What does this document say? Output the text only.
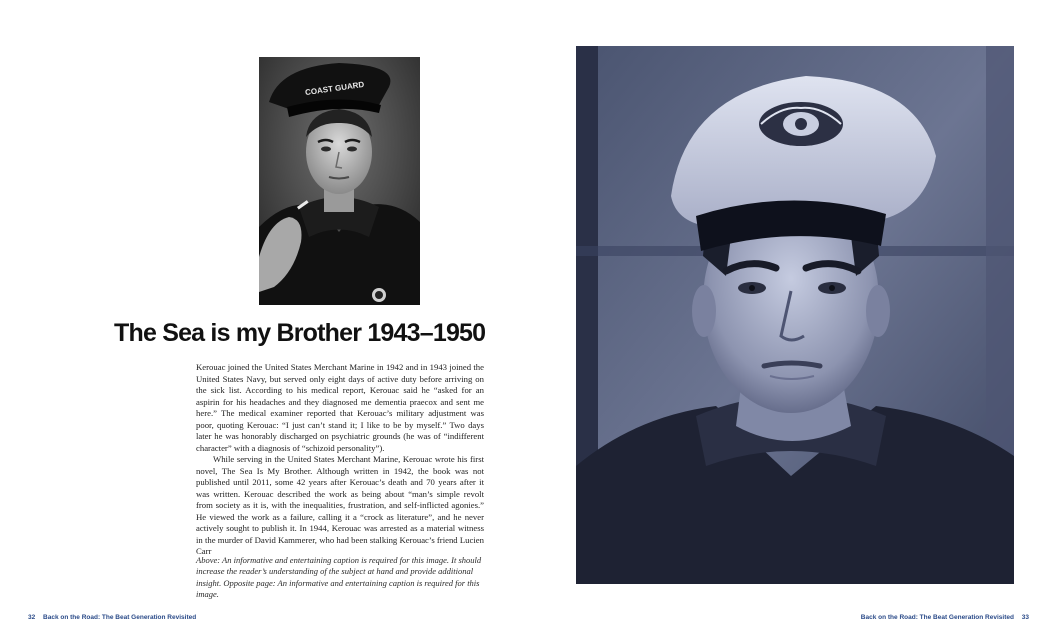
COAST GUARD
The Sea is my Brother 1943–1950

Kerouac joined the United States Merchant Marine in 1942 and in 1943 joined the United States Navy, but served only eight days of active duty before arriving on the sick list. According to his medical report, Kerouac said he “asked for an aspirin for his headaches and they diagnosed me dementia praecox and sent me here.” The medical examiner reported that Kerouac’s military adjustment was poor, quoting Kerouac: “I just can’t stand it; I like to be by myself.” Two days later he was honorably discharged on psychiatric grounds (he was of “indifferent character” with a diagnosis of “schizoid personality”).

While serving in the United States Merchant Marine, Kerouac wrote his first novel, The Sea Is My Brother. Although written in 1942, the book was not published until 2011, some 42 years after Kerouac’s death and 70 years after it was written. Kerouac described the work as being about “man’s simple revolt from society as it is, with the inequalities, frustration, and self-inflicted agonies.” He viewed the work as a failure, calling it a “crock as literature”, and he never actively sought to publish it. In 1944, Kerouac was arrested as a material witness in the murder of David Kammerer, who had been stalking Kerouac’s friend Lucien Carr

Above: An informative and entertaining caption is required for this image. It should increase the reader’s understanding of the subject at hand and provide additional insight. Opposite page: An informative and entertaining caption is required for this image.

32 Back on the Road: The Beat Generation Revisited	Back on the Road: The Beat Generation Revisited 33
